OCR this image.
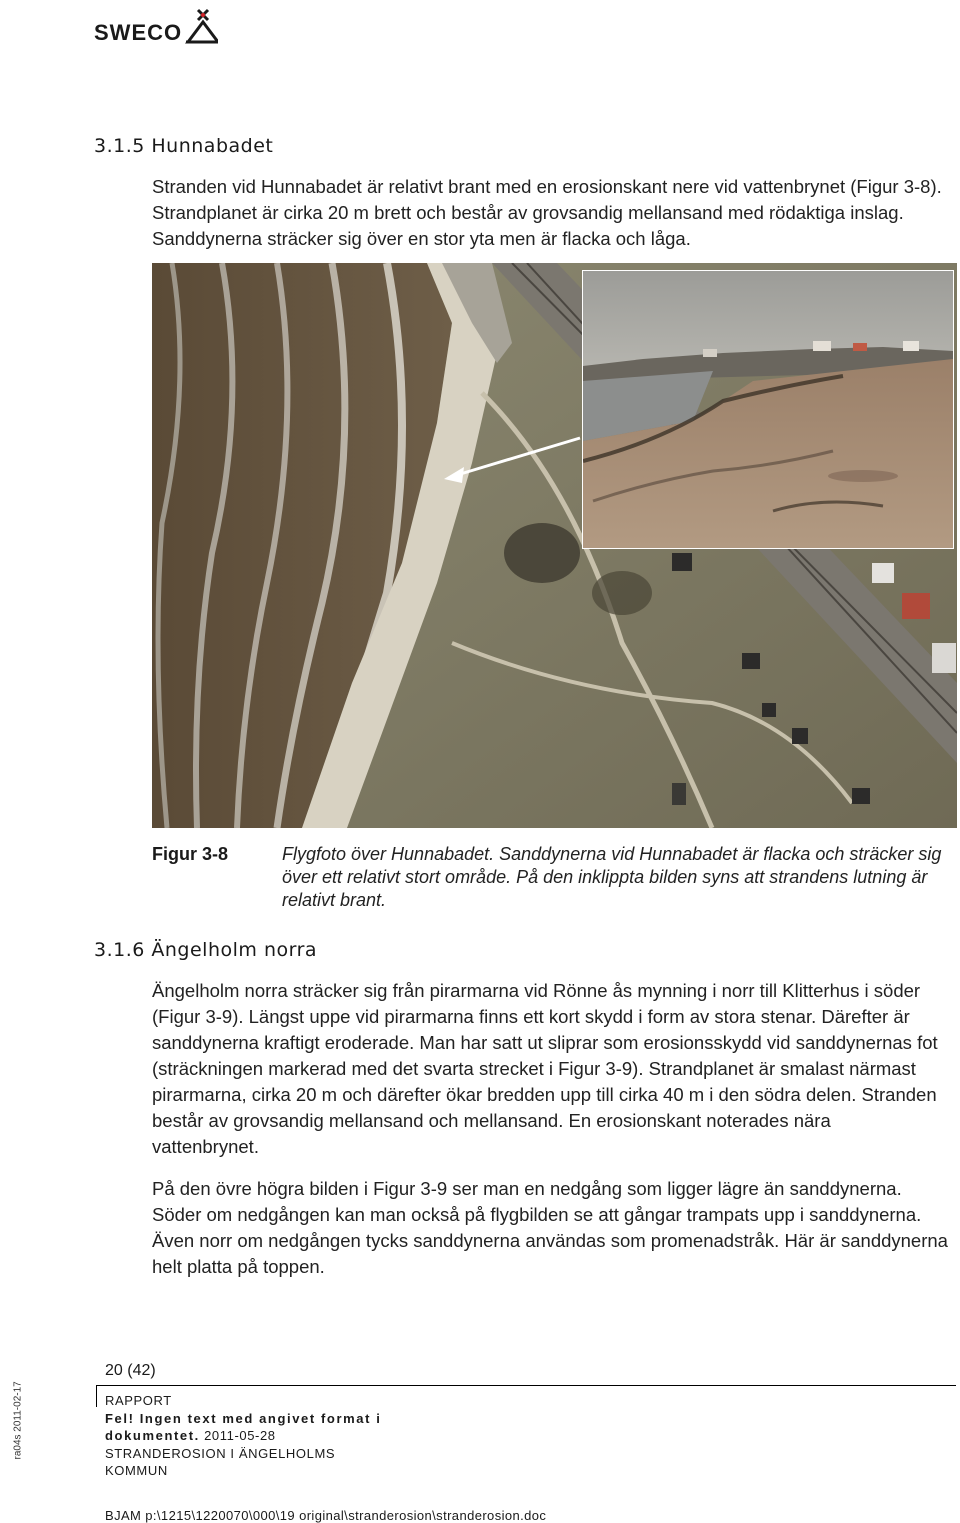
SWECO
3.1.5 Hunnabadet

Stranden vid Hunnabadet är relativt brant med en erosionskant nere vid vattenbrynet (Figur 3-8). Strandplanet är cirka 20 m brett och består av grovsandig mellansand med rödaktiga inslag. Sanddynerna sträcker sig över en stor yta men är flacka och låga.

Figur 3-8	Flygfoto över Hunnabadet. Sanddynerna vid Hunnabadet är flacka och sträcker sig över ett relativt stort område. På den inklippta bilden syns att strandens lutning är relativt brant.

3.1.6 Ängelholm norra

Ängelholm norra sträcker sig från pirarmarna vid Rönne ås mynning i norr till Klitterhus i söder (Figur 3-9). Längst uppe vid pirarmarna finns ett kort skydd i form av stora stenar. Därefter är sanddynerna kraftigt eroderade. Man har satt ut sliprar som erosionsskydd vid sanddynernas fot (sträckningen markerad med det svarta strecket i Figur 3-9). Strandplanet är smalast närmast pirarmarna, cirka 20 m och därefter ökar bredden upp till cirka 40 m i den södra delen. Stranden består av grovsandig mellansand och mellansand. En erosionskant noterades nära vattenbrynet.

På den övre högra bilden i Figur 3-9 ser man en nedgång som ligger lägre än sanddynerna. Söder om nedgången kan man också på flygbilden se att gångar trampats upp i sanddynerna. Även norr om nedgången tycks sanddynerna användas som promenadstråk. Här är sanddynerna helt platta på toppen.

20 (42)
RAPPORT
Fel! Ingen text med angivet format i
dokumentet. 2011-05-28
STRANDEROSION I ÄNGELHOLMS
KOMMUN
BJAM p:\1215\1220070\000\19 original\stranderosion\stranderosion.doc
ra04s 2011-02-17
